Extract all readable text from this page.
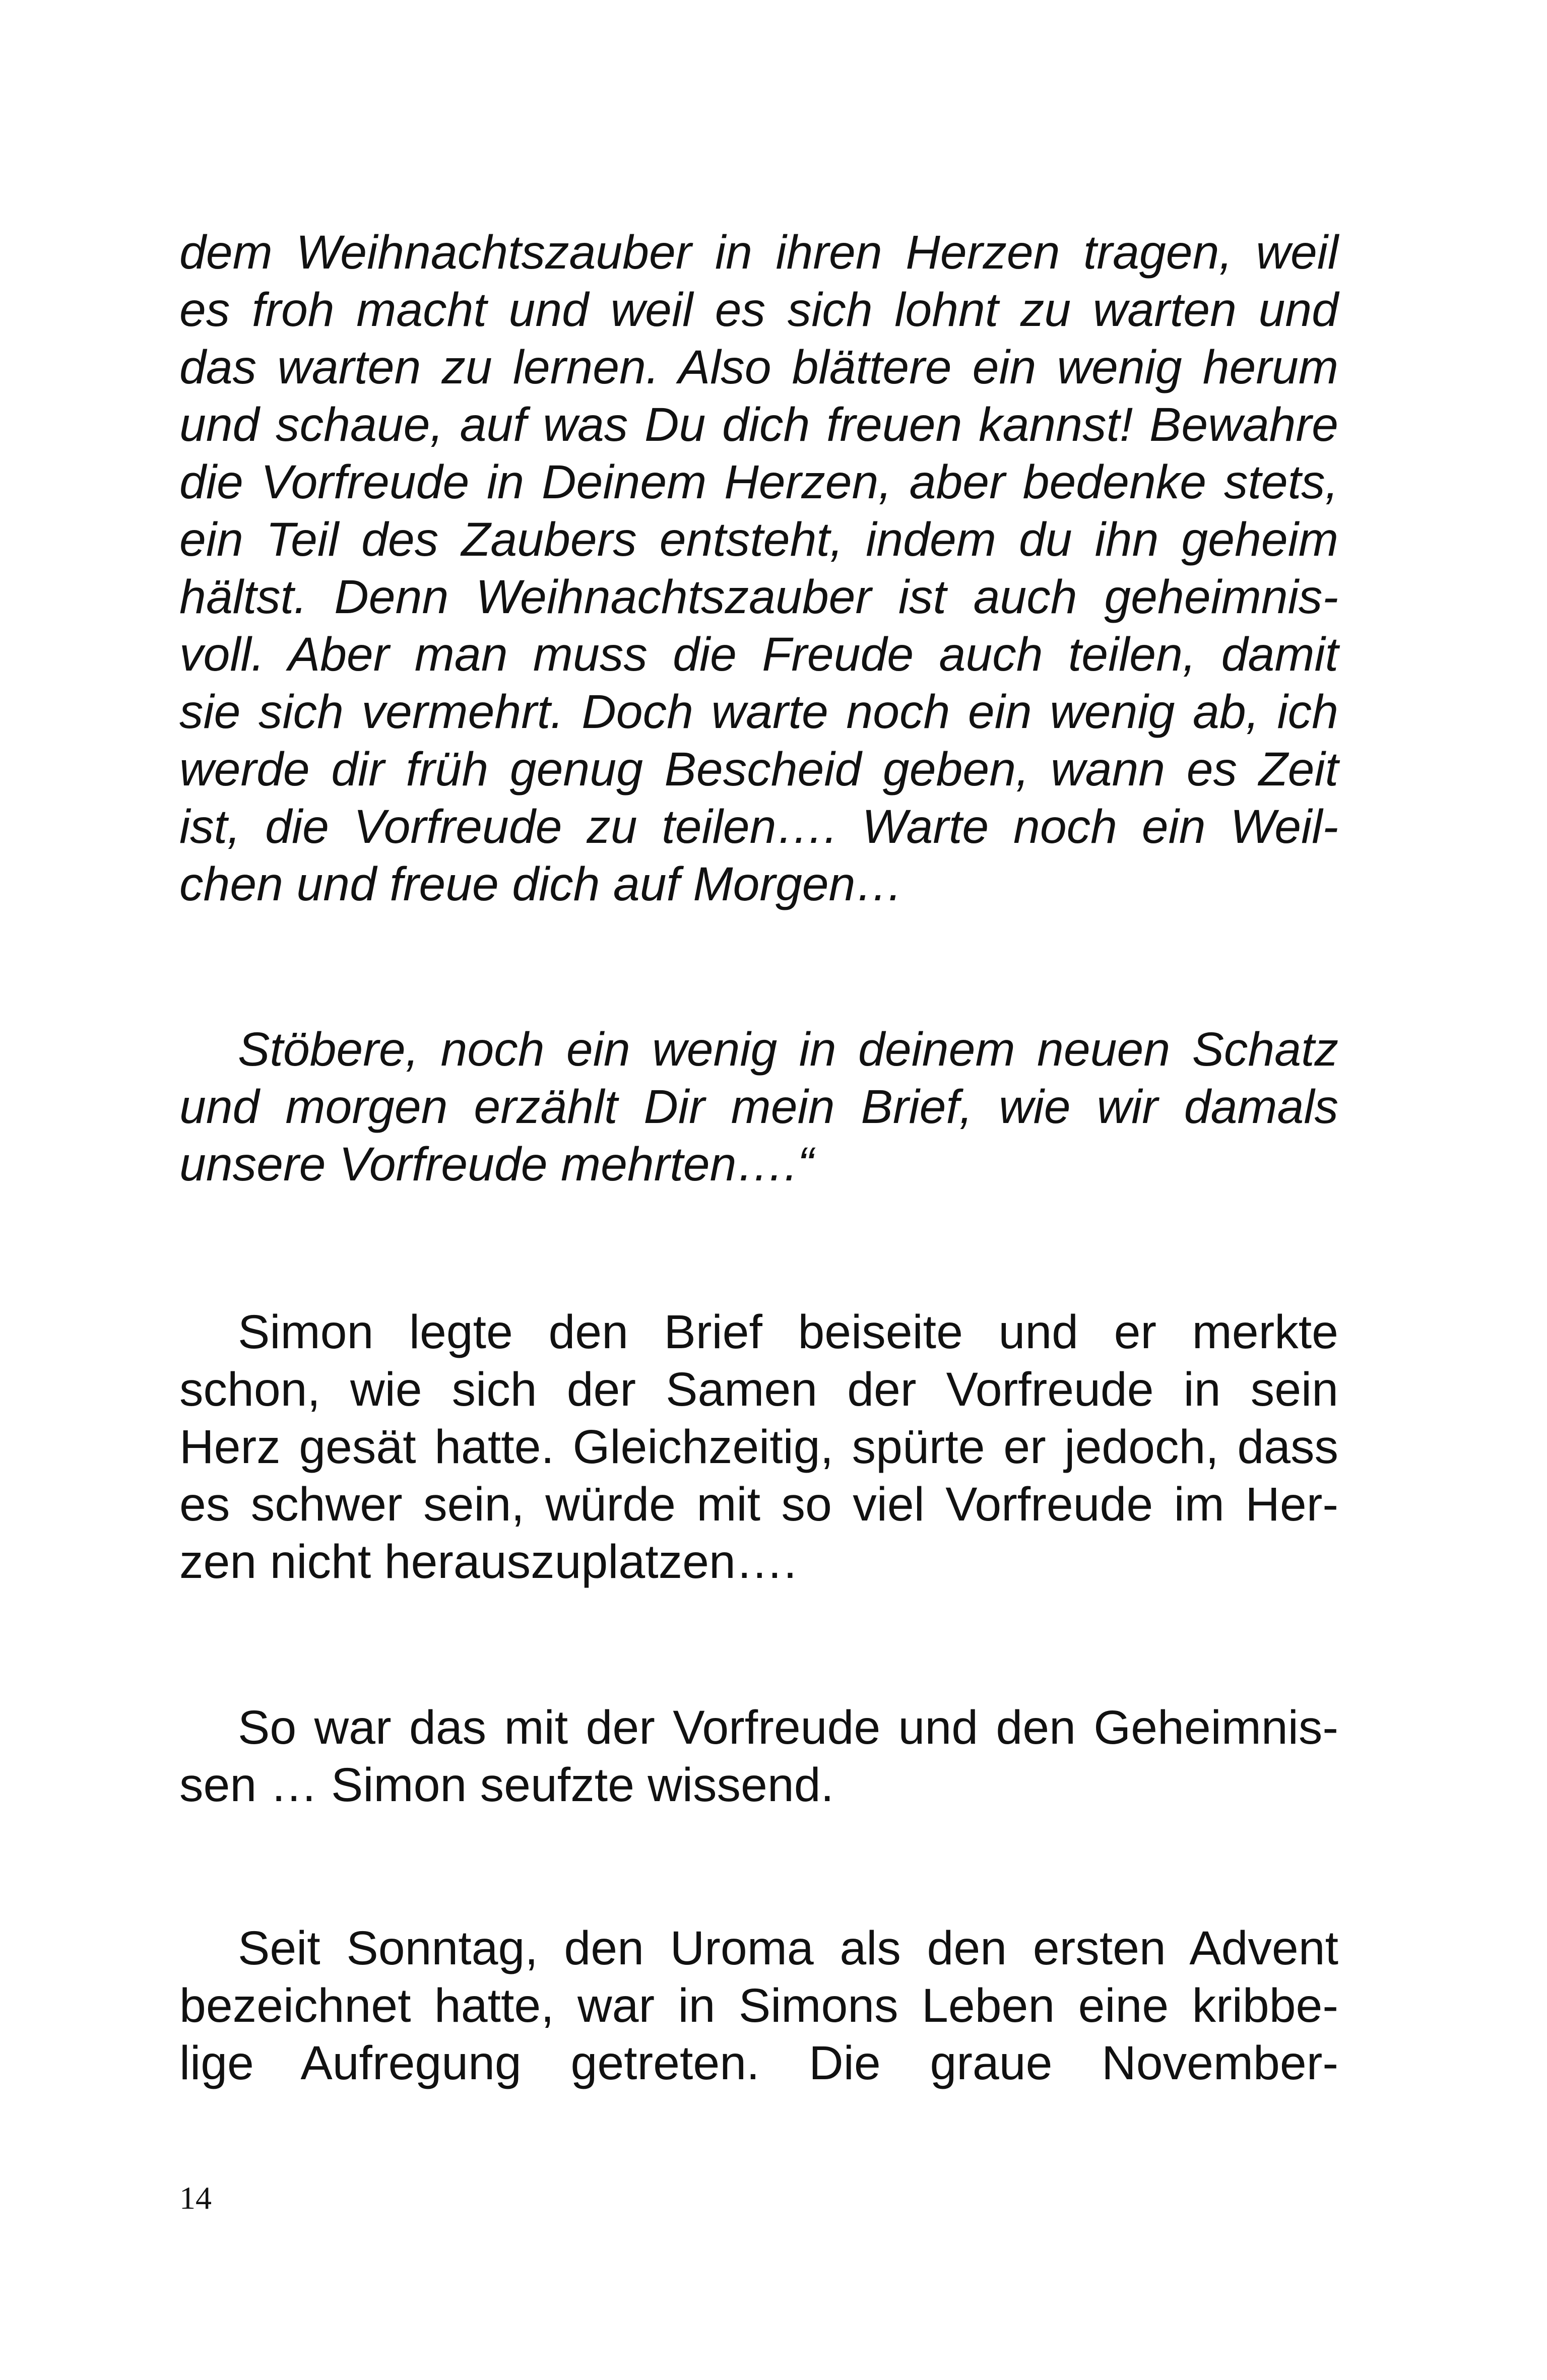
dem Weihnachtszauber in ihren Herzen tragen, weil
es froh macht und weil es sich lohnt zu warten und
das warten zu lernen. Also blättere ein wenig herum
und schaue, auf was Du dich freuen kannst! Bewahre
die Vorfreude in Deinem Herzen, aber bedenke stets,
ein Teil des Zaubers entsteht, indem du ihn geheim
hältst. Denn Weihnachtszauber ist auch geheimnis-
voll. Aber man muss die Freude auch teilen, damit
sie sich vermehrt. Doch warte noch ein wenig ab, ich
werde dir früh genug Bescheid geben, wann es Zeit
ist, die Vorfreude zu teilen…. Warte noch ein Weil-
chen und freue dich auf Morgen…
Stöbere, noch ein wenig in deinem neuen Schatz
und morgen erzählt Dir mein Brief, wie wir damals
unsere Vorfreude mehrten….“
Simon legte den Brief beiseite und er merkte
schon, wie sich der Samen der Vorfreude in sein
Herz gesät hatte. Gleichzeitig, spürte er jedoch, dass
es schwer sein, würde mit so viel Vorfreude im Her-
zen nicht herauszuplatzen….
So war das mit der Vorfreude und den Geheimnis-
sen … Simon seufzte wissend.
Seit Sonntag, den Uroma als den ersten Advent
bezeichnet hatte, war in Simons Leben eine kribbe-
lige Aufregung getreten. Die graue November-
14
